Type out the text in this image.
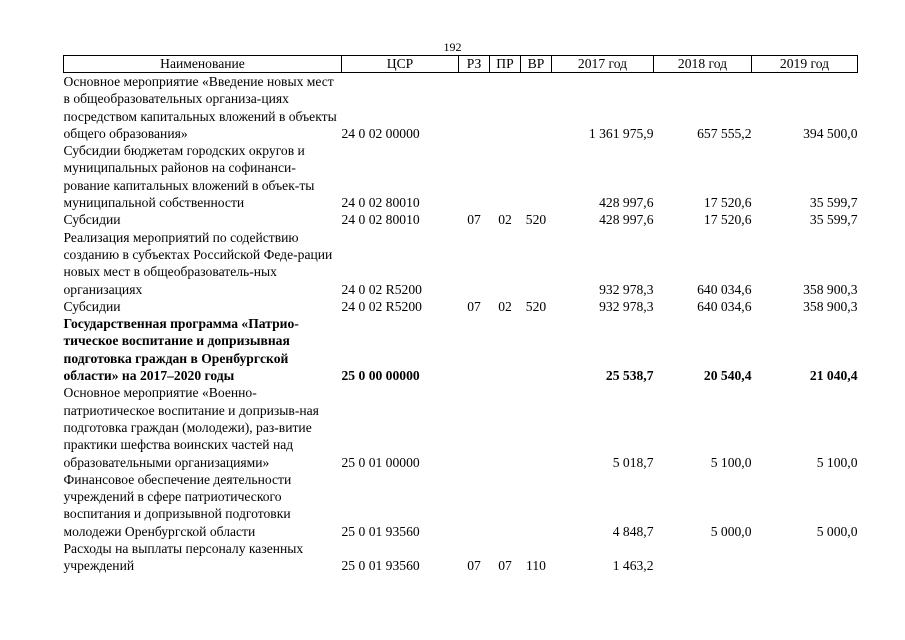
192
Наименование	ЦСР	РЗ	ПР	ВР	2017 год	2018 год	2019 год
Основное мероприятие «Введение новых мест в общеобразовательных организа-циях посредством капитальных вложений в объекты общего образования»	24 0 02 00000				1 361 975,9	657 555,2	394 500,0
Субсидии бюджетам городских округов и муниципальных районов на софинанси-рование капитальных вложений в объек-ты муниципальной собственности	24 0 02 80010				428 997,6	17 520,6	35 599,7
Субсидии	24 0 02 80010	07	02	520	428 997,6	17 520,6	35 599,7
Реализация мероприятий по содействию созданию в субъектах Российской Феде-рации новых мест в общеобразователь-ных организациях	24 0 02 R5200				932 978,3	640 034,6	358 900,3
Субсидии	24 0 02 R5200	07	02	520	932 978,3	640 034,6	358 900,3
Государственная программа «Патрио-тическое воспитание и допризывная подготовка граждан в Оренбургской области» на 2017–2020 годы	25 0 00 00000				25 538,7	20 540,4	21 040,4
Основное мероприятие «Военно-патриотическое воспитание и допризыв-ная подготовка граждан (молодежи), раз-витие практики шефства воинских частей над образовательными организациями»	25 0 01 00000				5 018,7	5 100,0	5 100,0
Финансовое обеспечение деятельности учреждений в сфере патриотического воспитания и допризывной подготовки молодежи Оренбургской области	25 0 01 93560				4 848,7	5 000,0	5 000,0
Расходы на выплаты персоналу казенных учреждений	25 0 01 93560	07	07	110	1 463,2		
